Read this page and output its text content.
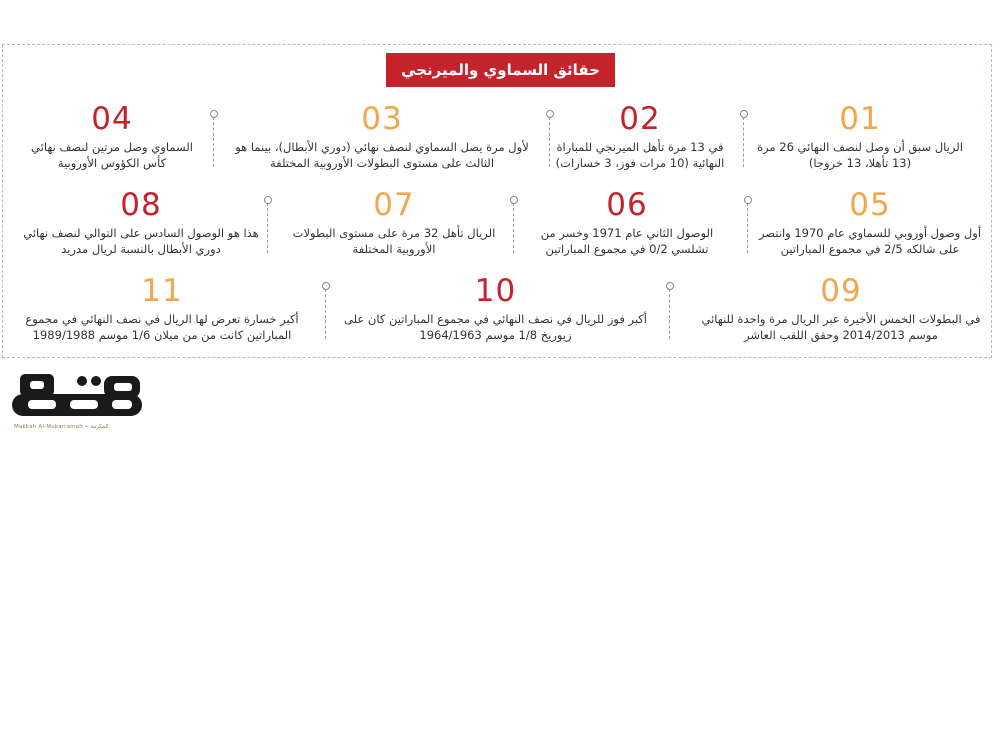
حقائق السماوي والميرنجي
01
الريال سبق أن وصل لنصف النهائي 26 مرة (13 تأهلا، 13 خروجا)
02
في 13 مرة تأهل الميرنجي للمباراة النهائية (10 مرات فوز، 3 خسارات)
03
لأول مرة يصل السماوي لنصف نهائي (دوري الأبطال)، بينما هو الثالث على مستوى البطولات الأوروبية المختلفة
04
السماوي وصل مرتين لنصف نهائي كأس الكؤوس الأوروبية
05
أول وصول أوروبي للسماوي عام 1970 وانتصر على شالكه 2/5 في مجموع المباراتين
06
الوصول الثاني عام 1971 وخسر من تشلسي 0/2 في مجموع المباراتين
07
الريال تأهل 32 مرة على مستوى البطولات الأوروبية المختلفة
08
هذا هو الوصول السادس على التوالي لنصف نهائي دوري الأبطال بالنسبة لريال مدريد
09
في البطولات الخمس الأخيرة عبر الريال مرة واحدة للنهائي موسم 2014/2013 وحقق اللقب العاشر
10
أكبر فوز للريال في نصف النهائي في مجموع المباراتين كان على زيوريخ 1/8 موسم 1964/1963
11
أكبر خسارة تعرض لها الريال في نصف النهائي في مجموع المباراتين كانت من من ميلان 1/6 موسم 1989/1988
Makkah Al-Mukarramah • المكرمة
